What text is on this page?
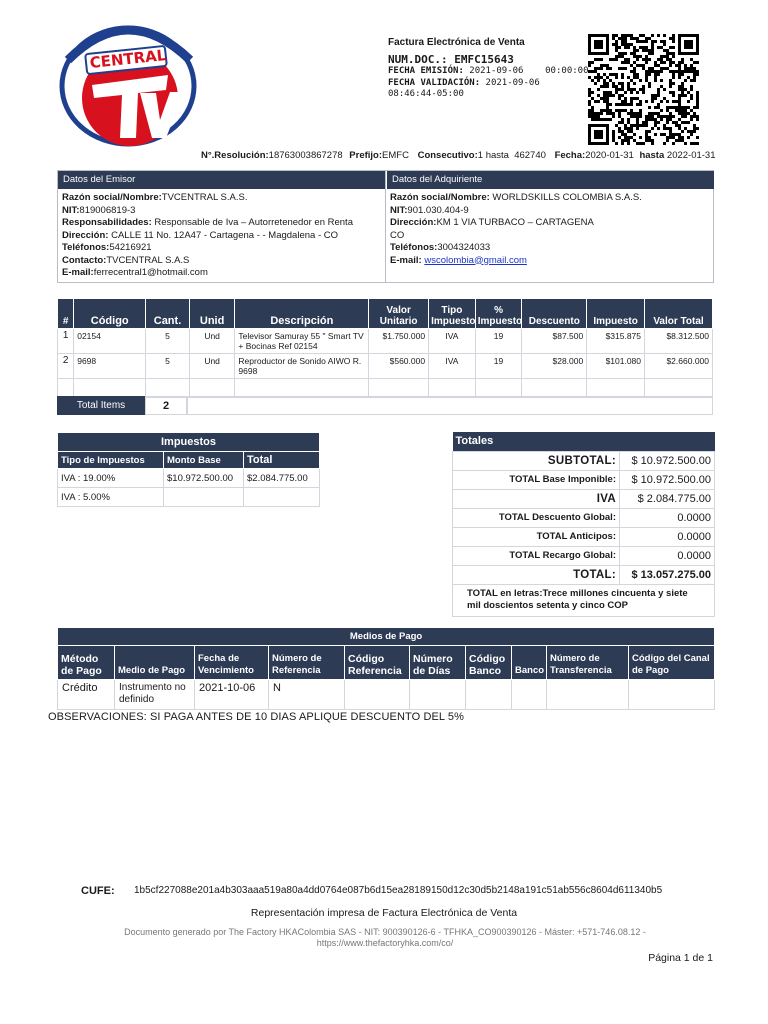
CENTRAL
Factura Electrónica de Venta
NUM.DOC.: EMFC15643
FECHA EMISIÓN: 2021-09-06    00:00:00
FECHA VALIDACIÓN: 2021-09-06 08:46:44-05:00
N°.Resolución:18763003867278 Prefijo:EMFC Consecutivo:1 hasta  462740 Fecha:2020-01-31 hasta 2022-01-31
Datos del Emisor	Datos del Adquiriente
Razón social/Nombre:TVCENTRAL S.A.S.
NIT:819006819-3
Responsabilidades: Responsable de Iva – Autorretenedor en Renta
Dirección: CALLE 11 No. 12A47 - Cartagena - - Magdalena - CO
Teléfonos:54216921
Contacto:TVCENTRAL S.A.S
E-mail:ferrecentral1@hotmail.com
Razón social/Nombre: WORLDSKILLS COLOMBIA S.A.S.
NIT:901.030.404-9
Dirección:KM 1 VIA TURBACO – CARTAGENA
CO
Teléfonos:3004324033
E-mail: wscolombia@gmail.com
#	Código	Cant.	Unid	Descripción	Valor Unitario	Tipo Impuesto	% Impuesto	Descuento	Impuesto	Valor Total
1	02154	5	Und	Televisor Samuray 55 " Smart TV + Bocinas Ref 02154	$1.750.000	IVA	19	$87.500	$315.875	$8.312.500
2	9698	5	Und	Reproductor de Sonido AIWO R. 9698	$560.000	IVA	19	$28.000	$101.080	$2.660.000

Total Items	2
Impuestos		
Tipo de Impuestos	Monto Base	Total
IVA : 19.00%	$10.972.500.00	$2.084.775.00
IVA : 5.00%		
Totales	
SUBTOTAL:	$ 10.972.500.00
TOTAL Base Imponible:	$ 10.972.500.00
IVA	$ 2.084.775.00
TOTAL Descuento Global:	0.0000
TOTAL Anticipos:	0.0000
TOTAL Recargo Global:	0.0000
TOTAL:	$ 13.057.275.00
TOTAL en letras:Trece millones cincuenta y siete mil doscientos setenta y cinco COP	
Medios de Pago									
Método de Pago	Medio de Pago	Fecha de Vencimiento	Número de Referencia	Código Referencia	Número de Días	Código Banco	Banco	Número de Transferencia	Código del Canal de Pago
Crédito	Instrumento no definido	2021-10-06	N						
OBSERVACIONES: SI PAGA ANTES DE 10 DIAS APLIQUE DESCUENTO DEL 5%
CUFE: 1b5cf227088e201a4b303aaa519a80a4dd0764e087b6d15ea28189150d12c30d5b2148a191c51ab556c8604d611340b5
Representación impresa de Factura Electrónica de Venta
Documento generado por The Factory HKAColombia SAS - NIT: 900390126-6 - TFHKA_CO900390126 - Máster: +571-746.08.12 - https://www.thefactoryhka.com/co/
Página 1 de 1
